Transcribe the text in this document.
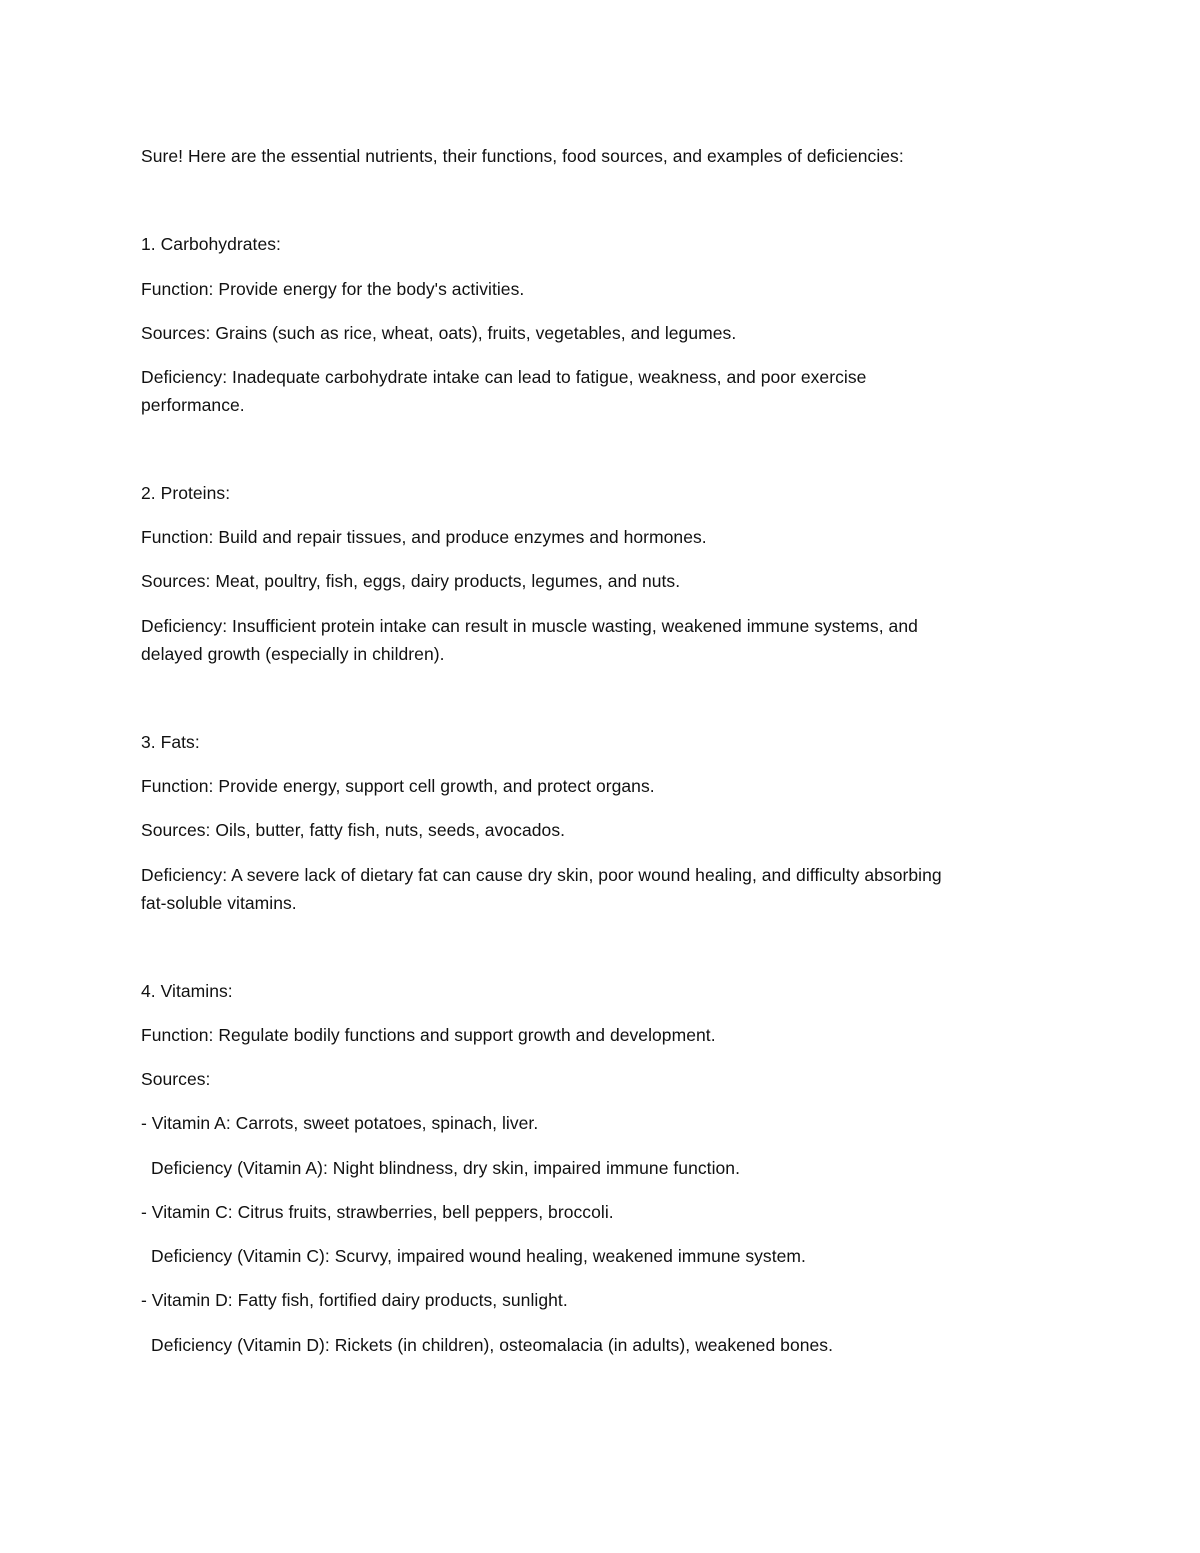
Sure! Here are the essential nutrients, their functions, food sources, and examples of deficiencies:
1. Carbohydrates:
Function: Provide energy for the body's activities.
Sources: Grains (such as rice, wheat, oats), fruits, vegetables, and legumes.
Deficiency: Inadequate carbohydrate intake can lead to fatigue, weakness, and poor exercise
performance.
2. Proteins:
Function: Build and repair tissues, and produce enzymes and hormones.
Sources: Meat, poultry, fish, eggs, dairy products, legumes, and nuts.
Deficiency: Insufficient protein intake can result in muscle wasting, weakened immune systems, and
delayed growth (especially in children).
3. Fats:
Function: Provide energy, support cell growth, and protect organs.
Sources: Oils, butter, fatty fish, nuts, seeds, avocados.
Deficiency: A severe lack of dietary fat can cause dry skin, poor wound healing, and difficulty absorbing
fat-soluble vitamins.
4. Vitamins:
Function: Regulate bodily functions and support growth and development.
Sources:
- Vitamin A: Carrots, sweet potatoes, spinach, liver.
Deficiency (Vitamin A): Night blindness, dry skin, impaired immune function.
- Vitamin C: Citrus fruits, strawberries, bell peppers, broccoli.
Deficiency (Vitamin C): Scurvy, impaired wound healing, weakened immune system.
- Vitamin D: Fatty fish, fortified dairy products, sunlight.
Deficiency (Vitamin D): Rickets (in children), osteomalacia (in adults), weakened bones.
